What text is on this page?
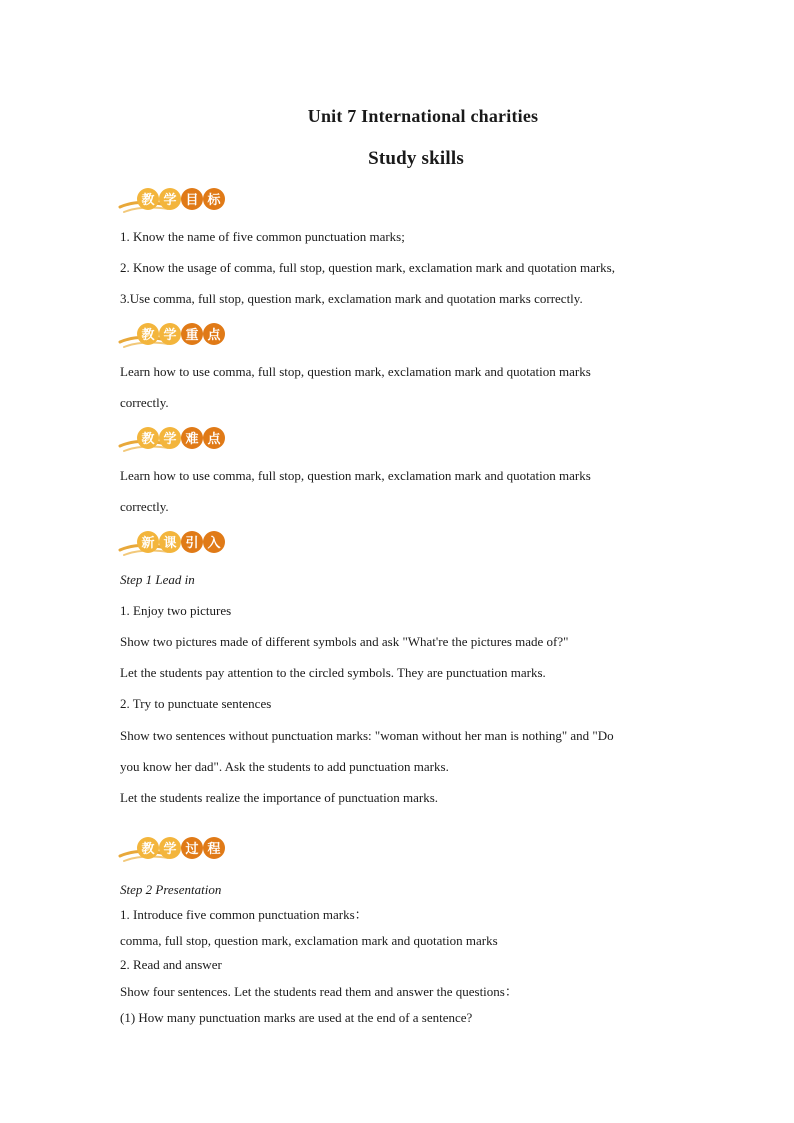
Unit 7 International charities
Study skills
教 学 目 标
1. Know the name of five common punctuation marks;
2. Know the usage of comma, full stop, question mark, exclamation mark and quotation marks,
3.Use comma, full stop, question mark, exclamation mark and quotation marks correctly.
教 学 重 点
Learn how to use comma, full stop, question mark, exclamation mark and quotation marks
correctly.
教 学 难 点
Learn how to use comma, full stop, question mark, exclamation mark and quotation marks
correctly.
新 课 引 入
Step 1 Lead in
1. Enjoy two pictures
Show two pictures made of different symbols and ask "What're the pictures made of?"
Let the students pay attention to the circled symbols. They are punctuation marks.
2. Try to punctuate sentences
Show two sentences without punctuation marks: "woman without her man is nothing" and "Do
you know her dad". Ask the students to add punctuation marks.
Let the students realize the importance of punctuation marks.
教 学 过 程
Step 2 Presentation
1. Introduce five common punctuation marks：
comma, full stop, question mark, exclamation mark and quotation marks
2. Read and answer
Show four sentences. Let the students read them and answer the questions：
(1) How many punctuation marks are used at the end of a sentence?
